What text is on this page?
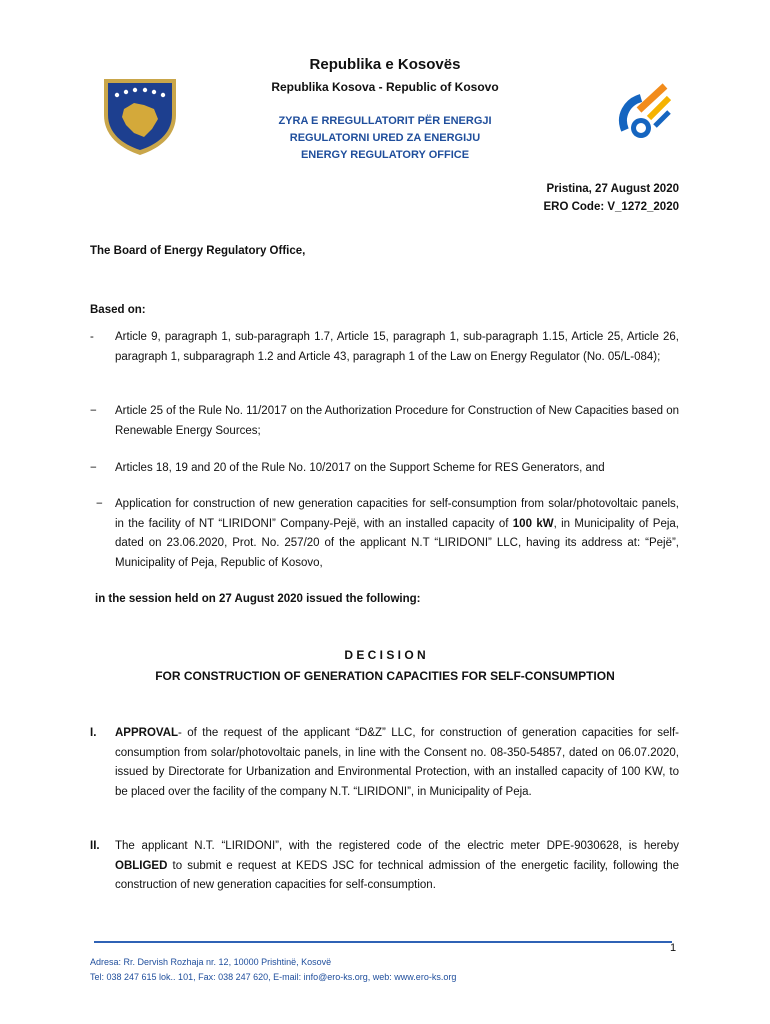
Republika e Kosovës
Republika Kosova - Republic of Kosovo
ZYRA E RREGULLATORIT PËR ENERGJI
REGULATORNI URED ZA ENERGIJU
ENERGY REGULATORY OFFICE
Pristina, 27 August 2020
ERO Code: V_1272_2020
The Board of Energy Regulatory Office,
Based on:
- Article 9, paragraph 1, sub-paragraph 1.7, Article 15, paragraph 1, sub-paragraph 1.15, Article 25, Article 26, paragraph 1, subparagraph 1.2 and Article 43, paragraph 1 of the Law on Energy Regulator (No. 05/L-084);
− Article 25 of the Rule No. 11/2017 on the Authorization Procedure for Construction of New Capacities based on Renewable Energy Sources;
− Articles 18, 19 and 20 of the Rule No. 10/2017 on the Support Scheme for RES Generators, and
− Application for construction of new generation capacities for self-consumption from solar/photovoltaic panels, in the facility of NT “LIRIDONI” Company-Pejë, with an installed capacity of 100 kW, in Municipality of Peja, dated on 23.06.2020, Prot. No. 257/20 of the applicant N.T “LIRIDONI” LLC, having its address at: “Pejë”, Municipality of Peja, Republic of Kosovo,
in the session held on 27 August 2020 issued the following:
D E C I S I O N
FOR CONSTRUCTION OF GENERATION CAPACITIES FOR SELF-CONSUMPTION
I. APPROVAL- of the request of the applicant “D&Z” LLC, for construction of generation capacities for self-consumption from solar/photovoltaic panels, in line with the Consent no. 08-350-54857, dated on 06.07.2020, issued by Directorate for Urbanization and Environmental Protection, with an installed capacity of 100 KW, to be placed over the facility of the company N.T. “LIRIDONI”, in Municipality of Peja.
II. The applicant N.T. “LIRIDONI”, with the registered code of the electric meter DPE-9030628, is hereby OBLIGED to submit e request at KEDS JSC for technical admission of the energetic facility, following the construction of new generation capacities for self-consumption.
1
Adresa: Rr. Dervish Rozhaja nr. 12, 10000 Prishtinë, Kosovë
Tel: 038 247 615 lok.. 101, Fax: 038 247 620, E-mail: info@ero-ks.org, web: www.ero-ks.org
